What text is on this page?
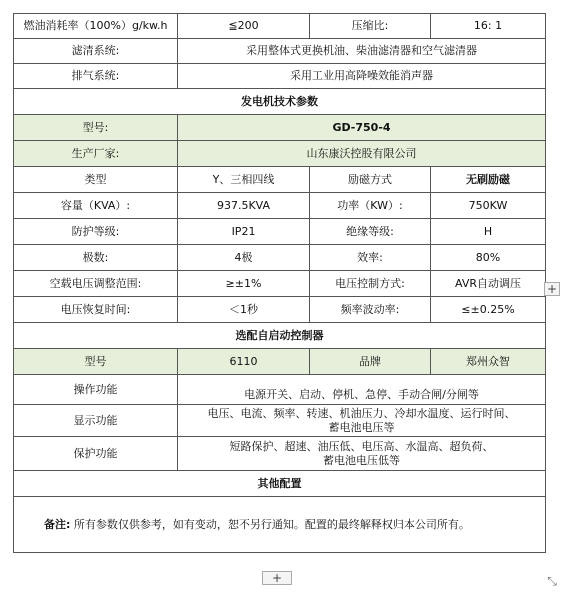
燃油消耗率（100%）g/kw.h	≦200	压缩比:	16: 1
滤清系统:	采用整体式更换机油、柴油滤清器和空气滤清器		
排气系统:	采用工业用高降噪效能消声器		
发电机技术参数			
型号:	GD-750-4		
生产厂家:	山东康沃控股有限公司		
类型	Y、三相四线	励磁方式	无刷励磁
容量（KVA）:	937.5KVA	功率（KW）:	750KW
防护等级:	IP21	绝缘等级:	H
极数:	4极	效率:	80%
空载电压调整范围:	≥±1%	电压控制方式:	AVR自动调压
电压恢复时间:	＜1秒	频率波动率:	≤±0.25%
选配自启动控制器			
型号	6110	品牌	郑州众智
操作功能	电源开关、启动、停机、急停、手动合闸/分闸等		

显示功能	电压、电流、频率、转速、机油压力、冷却水温度、运行时间、
蓄电池电压等		

保护功能	短路保护、超速、油压低、电压高、水温高、超负荷、
蓄电池电压低等		

其他配置			
备注: 所有参数仅供参考，如有变动，恕不另行通知。配置的最终解释权归本公司所有。			
+
+	⤡
